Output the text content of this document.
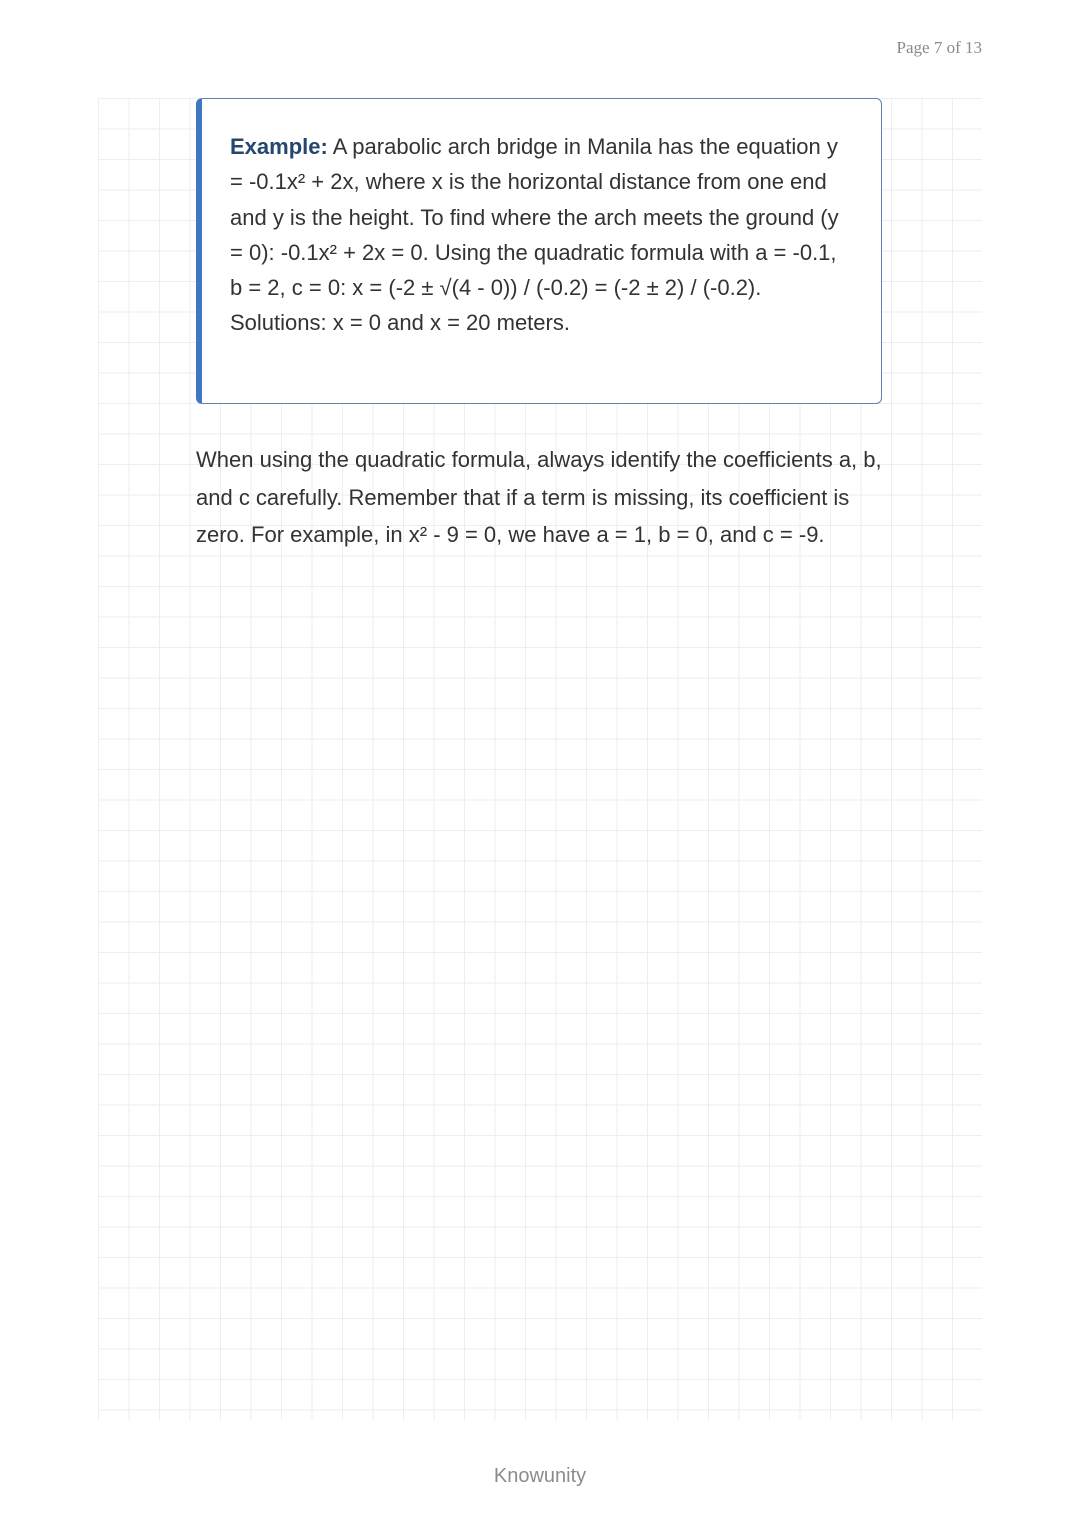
Page 7 of 13

Example: A parabolic arch bridge in Manila has the equation y = -0.1x² + 2x, where x is the horizontal distance from one end and y is the height. To find where the arch meets the ground (y = 0): -0.1x² + 2x = 0. Using the quadratic formula with a = -0.1, b = 2, c = 0: x = (-2 ± √(4 - 0)) / (-0.2) = (-2 ± 2) / (-0.2). Solutions: x = 0 and x = 20 meters.

When using the quadratic formula, always identify the coefficients a, b, and c carefully. Remember that if a term is missing, its coefficient is zero. For example, in x² - 9 = 0, we have a = 1, b = 0, and c = -9.

Knowunity
